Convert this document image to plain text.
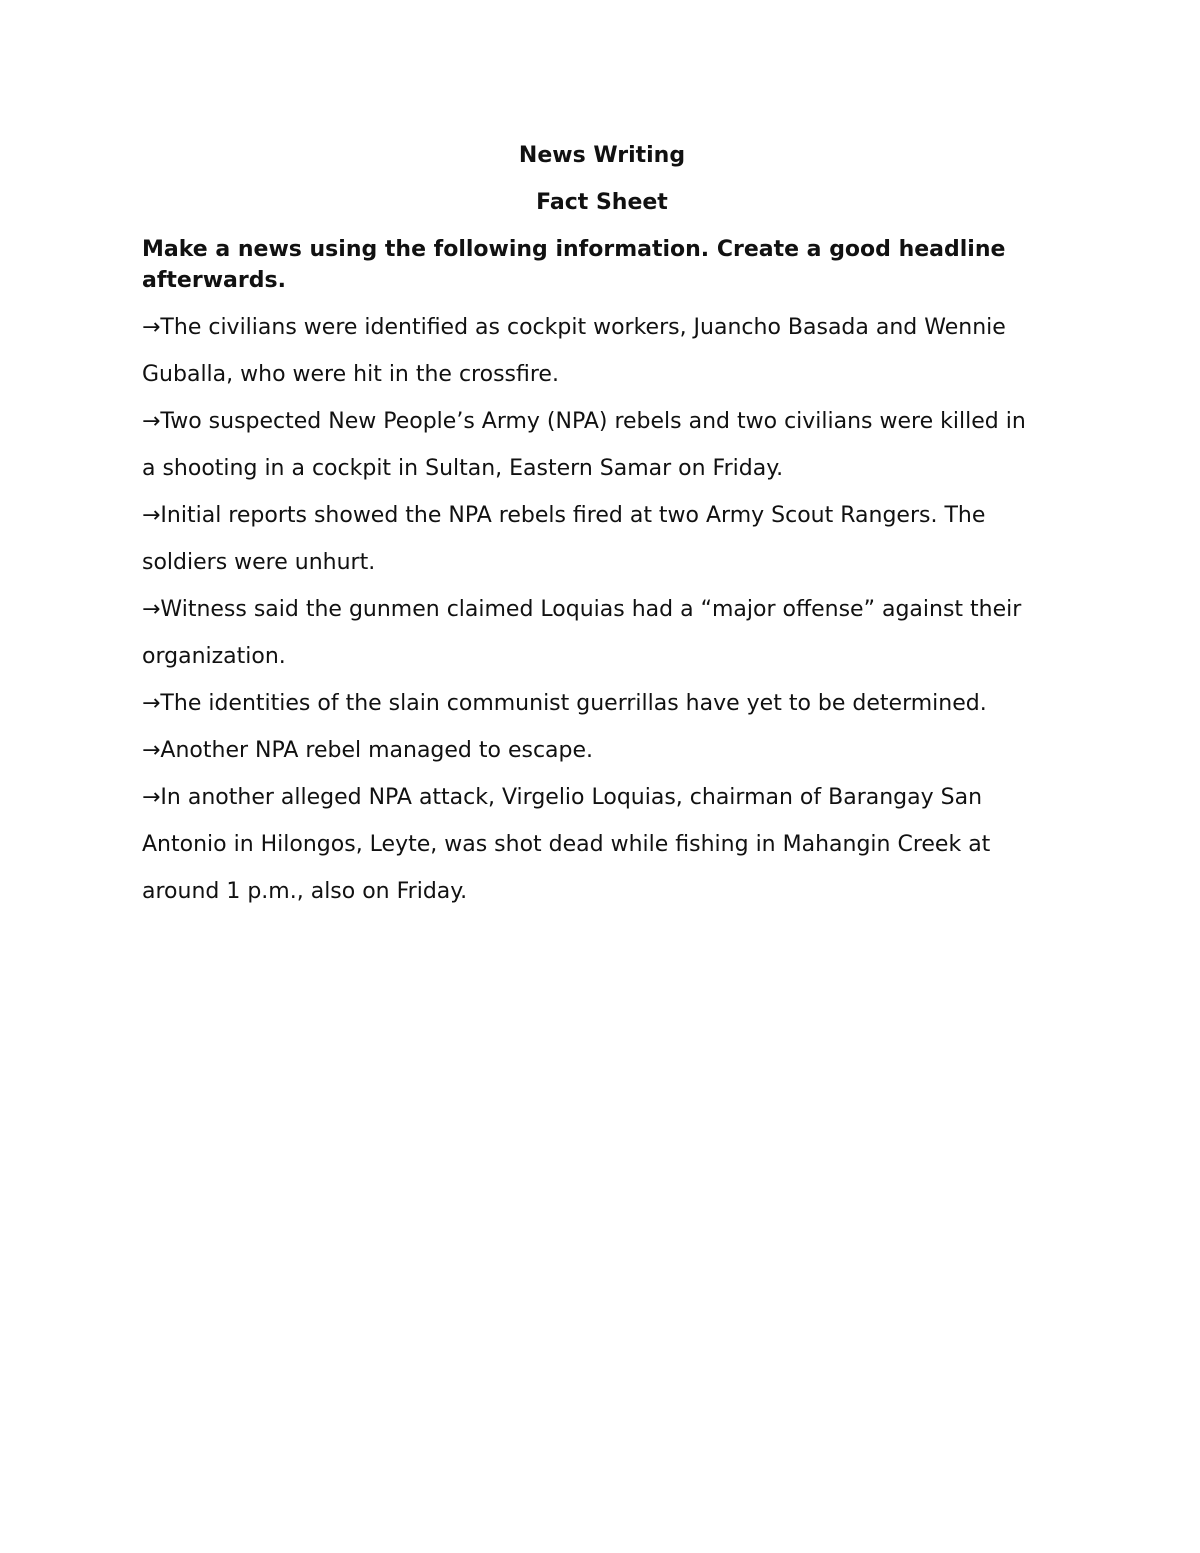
News Writing

Fact Sheet

Make a news using the following information. Create a good headline afterwards.

→The civilians were identified as cockpit workers, Juancho Basada and Wennie

Guballa, who were hit in the crossfire.

→Two suspected New People’s Army (NPA) rebels and two civilians were killed in

a shooting in a cockpit in Sultan, Eastern Samar on Friday.

→Initial reports showed the NPA rebels fired at two Army Scout Rangers. The

soldiers were unhurt.

→Witness said the gunmen claimed Loquias had a “major offense” against their

organization.

→The identities of the slain communist guerrillas have yet to be determined.

→Another NPA rebel managed to escape.

→In another alleged NPA attack, Virgelio Loquias, chairman of Barangay San

Antonio in Hilongos, Leyte, was shot dead while fishing in Mahangin Creek at

around 1 p.m., also on Friday.
